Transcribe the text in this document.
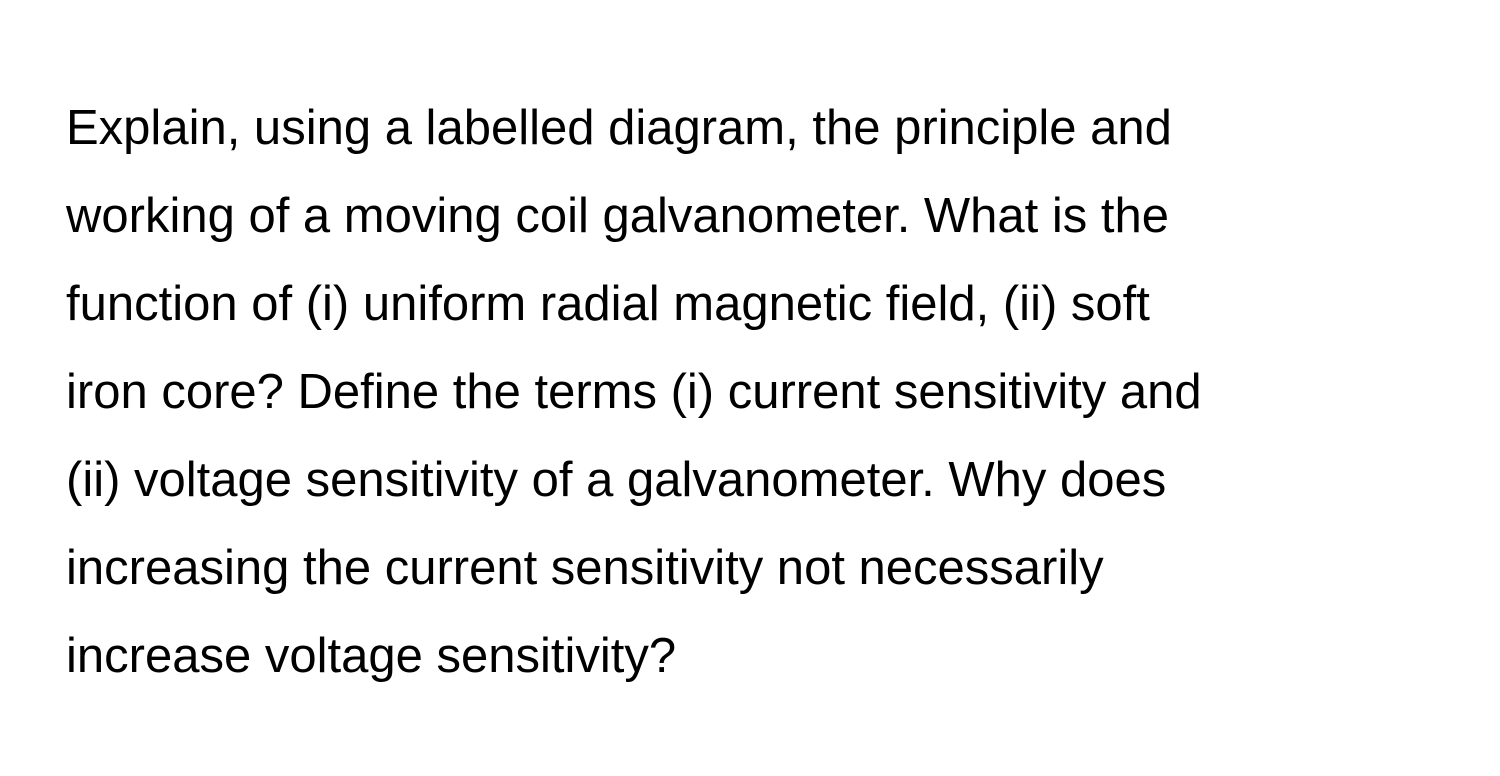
Explain, using a labelled diagram, the principle and
working of a moving coil galvanometer. What is the
function of (i) uniform radial magnetic field, (ii) soft
iron core? Define the terms (i) current sensitivity and
(ii) voltage sensitivity of a galvanometer. Why does
increasing the current sensitivity not necessarily
increase voltage sensitivity?
